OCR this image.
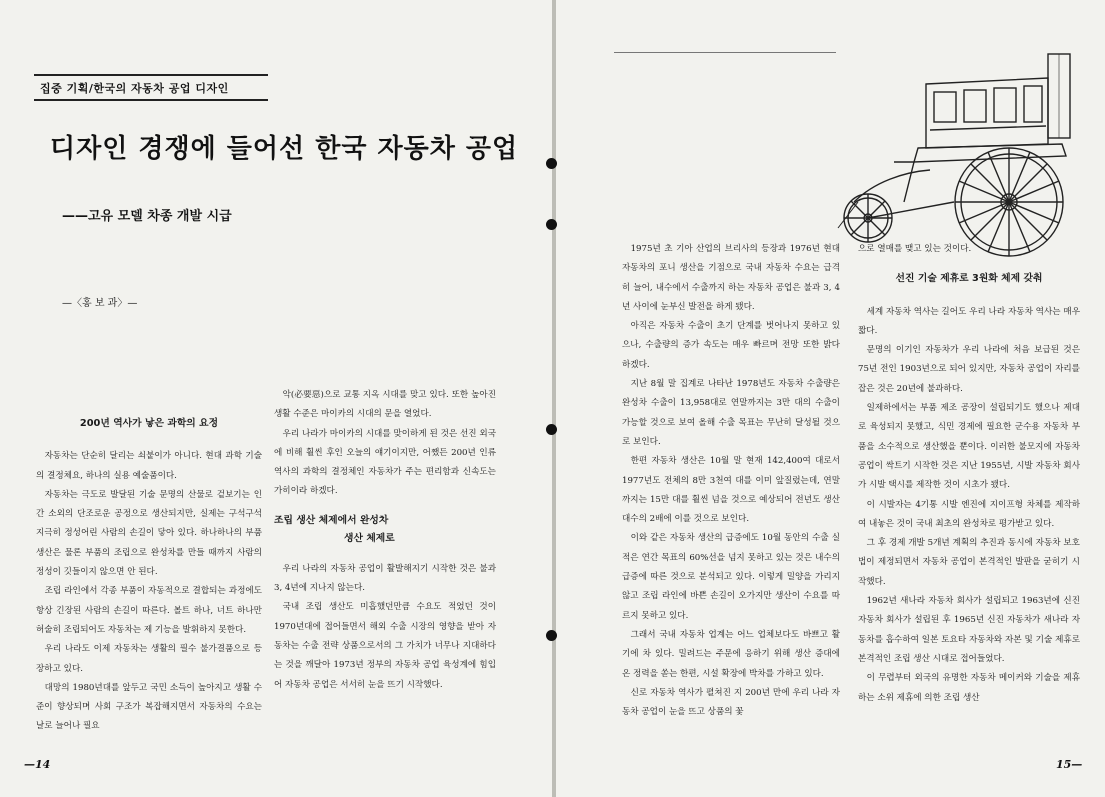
집중 기획/한국의 자동차 공업 디자인
디자인 경쟁에 들어선 한국 자동차 공업
——고유 모델 차종 개발 시급
—〈홍 보 과〉—
200년 역사가 낳은 과학의 요정

자동차는 단순히 달리는 쇠붙이가 아니다. 현대 과학 기술의 결정체요, 하나의 실용 예술품이다.

자동차는 극도로 발달된 기술 문명의 산물로 겉보기는 인간 소외의 단조로운 공정으로 생산되지만, 실제는 구석구석 지극히 정성어린 사람의 손길이 닿아 있다. 하나하나의 부품 생산은 물론 부품의 조립으로 완성차를 만들 때까지 사람의 정성이 깃들이지 않으면 안 된다.

조립 라인에서 각종 부품이 자동적으로 결합되는 과정에도 항상 긴장된 사람의 손길이 따른다. 볼트 하나, 너트 하나만 허술히 조립되어도 자동차는 제 기능을 발휘하지 못한다.

우리 나라도 이제 자동차는 생활의 필수 불가결품으로 등장하고 있다.

대망의 1980년대를 앞두고 국민 소득이 높아지고 생활 수준이 향상되며 사회 구조가 복잡해지면서 자동차의 수요는 날로 늘어나 필요

악(必要惡)으로 교통 지옥 시대를 맞고 있다. 또한 높아진 생활 수준은 마이카의 시대의 문을 열었다.

우리 나라가 마이카의 시대를 맞이하게 된 것은 선진 외국에 비해 훨씬 후인 오늘의 얘기이지만, 어쨌든 200년 인류 역사의 과학의 결정체인 자동차가 주는 편리함과 신속도는 가히이라 하겠다.

조립 생산 체제에서 완성차
생산 체제로

우리 나라의 자동차 공업이 활발해지기 시작한 것은 불과 3, 4년에 지나지 않는다.

국내 조립 생산도 미흡했던만큼 수요도 적었던 것이 1970년대에 접어들면서 해외 수출 시장의 영향을 받아 자동차는 수출 전략 상품으로서의 그 가치가 너무나 지대하다는 것을 깨달아 1973년 정부의 자동차 공업 육성계에 힘입어 자동차 공업은 서서히 눈을 뜨기 시작했다.

1975년 초 기아 산업의 브리사의 등장과 1976년 현대 자동차의 포니 생산을 기점으로 국내 자동차 수요는 급격히 늘어, 내수에서 수출까지 하는 자동차 공업은 불과 3, 4년 사이에 눈부신 발전을 하게 됐다.

아직은 자동차 수출이 초기 단계를 벗어나지 못하고 있으나, 수출량의 증가 속도는 매우 빠르며 전망 또한 밝다 하겠다.

지난 8월 말 집계로 나타난 1978년도 자동차 수출량은 완성차 수출이 13,958대로 연말까지는 3만 대의 수출이 가능할 것으로 보여 올해 수출 목표는 무난히 달성될 것으로 보인다.

한편 자동차 생산은 10월 말 현재 142,400여 대로서 1977년도 전체의 8만 3천여 대를 이미 앞질렀는데, 연말까지는 15만 대를 훨씬 넘을 것으로 예상되어 전년도 생산 대수의 2배에 이를 것으로 보인다.

이와 같은 자동차 생산의 급증에도 10월 동안의 수출 실적은 연간 목표의 60%선을 넘지 못하고 있는 것은 내수의 급증에 따른 것으로 분석되고 있다. 이렇게 밀양을 가리지 않고 조립 라인에 바쁜 손길이 오가지만 생산이 수요를 따르지 못하고 있다.

그래서 국내 자동차 업계는 어느 업체보다도 바쁘고 활기에 차 있다. 밀려드는 주문에 응하기 위해 생산 증대에 온 정력을 쏟는 한편, 시설 확장에 박차를 가하고 있다.

신로 자동차 역사가 펼쳐진 지 200년 만에 우리 나라 자동차 공업이 눈을 뜨고 상품의 꽃

으로 열매를 맺고 있는 것이다.

선진 기술 제휴로 3원화 체제 갖춰

세계 자동차 역사는 길어도 우리 나라 자동차 역사는 매우 짧다.

문명의 이기인 자동차가 우리 나라에 처음 보급된 것은 75년 전인 1903년으로 되어 있지만, 자동차 공업이 자리를 잡은 것은 20년에 불과하다.

일제하에서는 부품 제조 공장이 설립되기도 했으나 제대로 육성되지 못했고, 식민 경제에 필요한 군수용 자동차 부품을 소수적으로 생산했을 뿐이다. 이러한 불모지에 자동차 공업이 싹트기 시작한 것은 지난 1955년, 시발 자동차 회사가 시발 택시를 제작한 것이 시초가 됐다.

이 시발자는 4기통 시발 엔진에 지이프형 차체를 제작하여 내놓은 것이 국내 최초의 완성차로 평가받고 있다.

그 후 경제 개발 5개년 계획의 추진과 동시에 자동차 보호법이 제정되면서 자동차 공업이 본격적인 발판을 굳히기 시작했다.

1962년 새나라 자동차 회사가 설립되고 1963년에 신진 자동차 회사가 설립된 후 1965년 신진 자동차가 새나라 자동차를 흡수하여 일본 토요타 자동차와 자본 및 기술 제휴로 본격적인 조립 생산 시대로 접어들었다.

이 무렵부터 외국의 유명한 자동차 메이커와 기술을 제휴하는 소위 제휴에 의한 조립 생산

—14	15—
